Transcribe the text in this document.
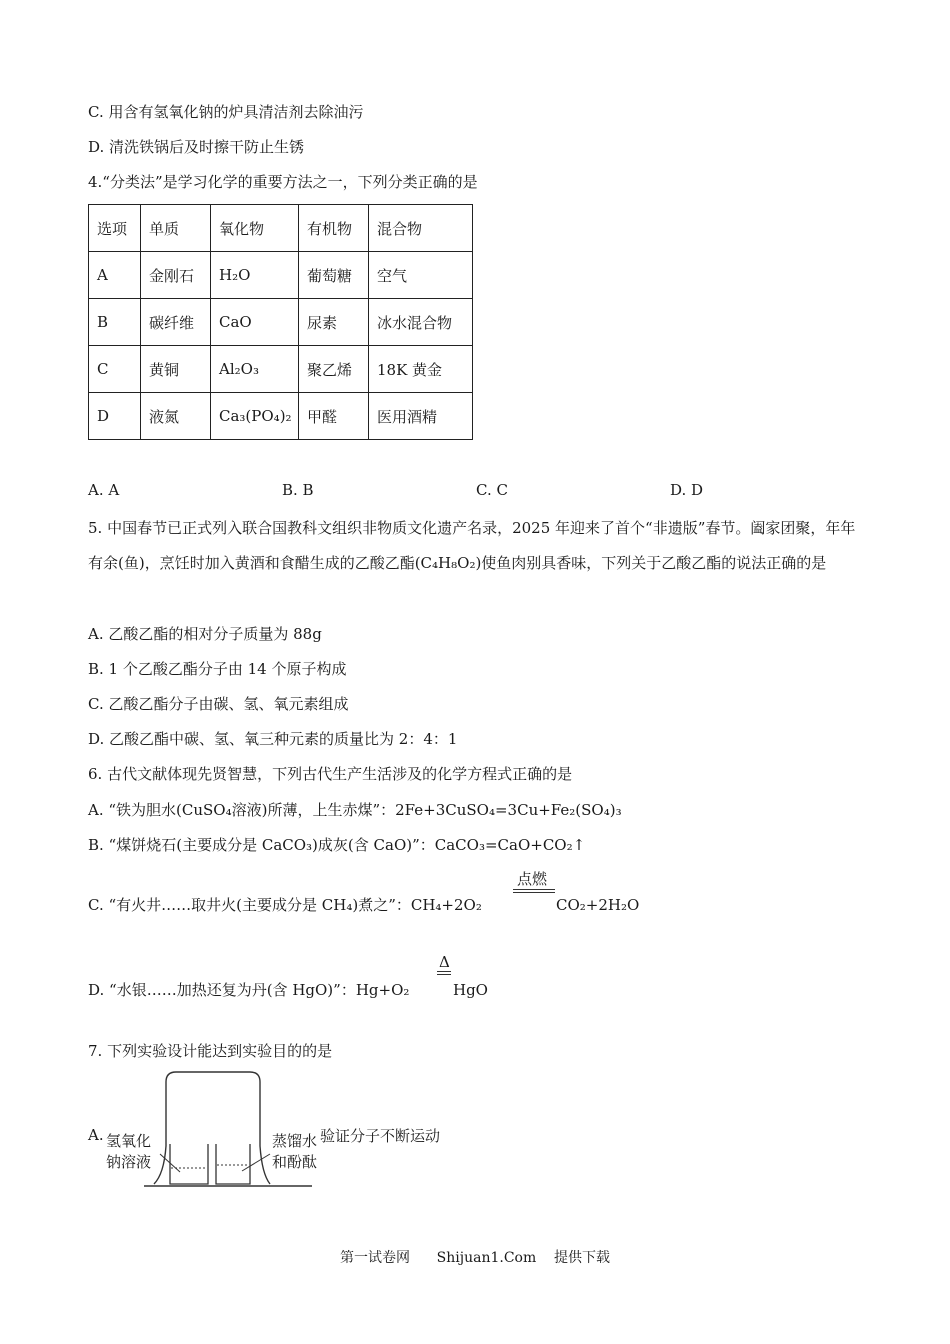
C. 用含有氢氧化钠的炉具清洁剂去除油污
D. 清洗铁锅后及时擦干防止生锈
4.“分类法”是学习化学的重要方法之一，下列分类正确的是
选项	单质	氧化物	有机物	混合物
A	金刚石	H₂O	葡萄糖	空气
B	碳纤维	CaO	尿素	冰水混合物
C	黄铜	Al₂O₃	聚乙烯	18K 黄金
D	液氮	Ca₃(PO₄)₂	甲醛	医用酒精
A. A	B. B	C. C	D. D
5. 中国春节已正式列入联合国教科文组织非物质文化遗产名录，2025 年迎来了首个“非遗版”春节。阖家团聚，年年有余(鱼)，烹饪时加入黄酒和食醋生成的乙酸乙酯(C₄H₈O₂)使鱼肉别具香味，下列关于乙酸乙酯的说法正确的是
A. 乙酸乙酯的相对分子质量为 88g
B. 1 个乙酸乙酯分子由 14 个原子构成
C. 乙酸乙酯分子由碳、氢、氧元素组成
D. 乙酸乙酯中碳、氢、氧三种元素的质量比为 2：4：1
6. 古代文献体现先贤智慧，下列古代生产生活涉及的化学方程式正确的是
A. “铁为胆水(CuSO₄溶液)所薄，上生赤煤”：2Fe+3CuSO₄=3Cu+Fe₂(SO₄)₃
B. “煤饼烧石(主要成分是 CaCO₃)成灰(含 CaO)”：CaCO₃=CaO+CO₂↑
C. “有火井……取井火(主要成分是 CH₄)煮之”：CH₄+2O₂
点燃
CO₂+2H₂O
D. “水银……加热还复为丹(含 HgO)”：Hg+O₂
Δ
HgO
7. 下列实验设计能达到实验目的的是
A. 氢氧化
钠溶液
蒸馏水
和酚酞
验证分子不断运动
第一试卷网      Shijuan1.Com    提供下载
